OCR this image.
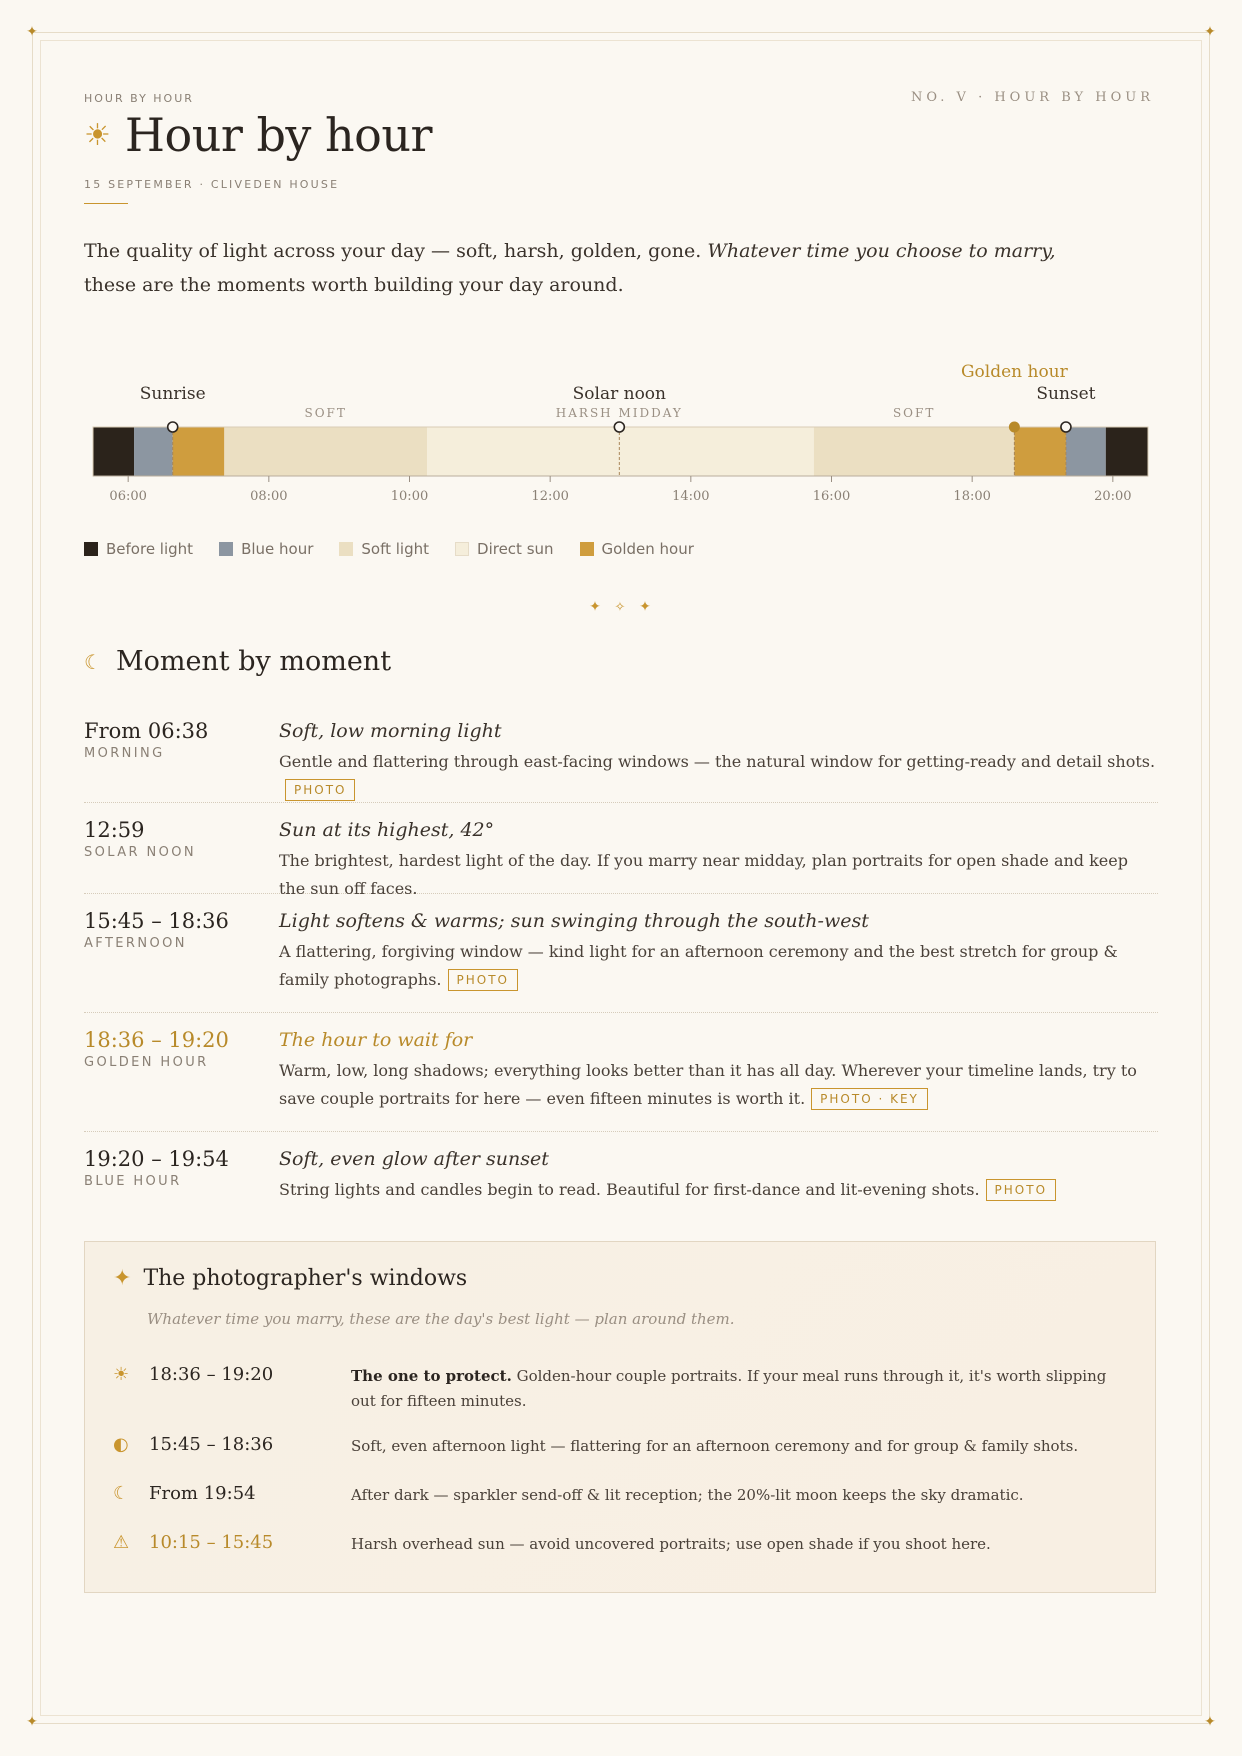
✦	✦
✦	✦
HOUR BY HOUR	NO. V · HOUR BY HOUR
☀ Hour by hour
15 SEPTEMBER · CLIVEDEN HOUSE

The quality of light across your day — soft, harsh, golden, gone. Whatever time you choose to marry, these are the moments worth building your day around.

06:00	08:00	10:00	12:00	14:00	16:00	18:00	20:00
Sunrise	Solar noon
Golden hour
Sunset
SOFT	HARSH MIDDAY	SOFT
Before light	Blue hour	Soft light	Direct sun	Golden hour
✦ ✧ ✦
☾ Moment by moment
From 06:38
MORNING
Soft, low morning light
Gentle and flattering through east-facing windows — the natural window for getting-ready and detail shots.PHOTO
12:59
SOLAR NOON
Sun at its highest, 42°
The brightest, hardest light of the day. If you marry near midday, plan portraits for open shade and keep the sun off faces.
15:45 – 18:36
AFTERNOON
Light softens & warms; sun swinging through the south-west
A flattering, forgiving window — kind light for an afternoon ceremony and the best stretch for group & family photographs. PHOTO
18:36 – 19:20
GOLDEN HOUR
The hour to wait for
Warm, low, long shadows; everything looks better than it has all day. Wherever your timeline lands, try to save couple portraits for here — even fifteen minutes is worth it. PHOTO · KEY
19:20 – 19:54
BLUE HOUR
Soft, even glow after sunset
String lights and candles begin to read. Beautiful for first-dance and lit-evening shots. PHOTO
✦ The photographer's windows
Whatever time you marry, these are the day's best light — plan around them.
☀	18:36 – 19:20	The one to protect. Golden-hour couple portraits. If your meal runs through it, it's worth slipping out for fifteen minutes.
◐	15:45 – 18:36	Soft, even afternoon light — flattering for an afternoon ceremony and for group & family shots.
☾	From 19:54	After dark — sparkler send-off & lit reception; the 20%-lit moon keeps the sky dramatic.
⚠	10:15 – 15:45	Harsh overhead sun — avoid uncovered portraits; use open shade if you shoot here.
